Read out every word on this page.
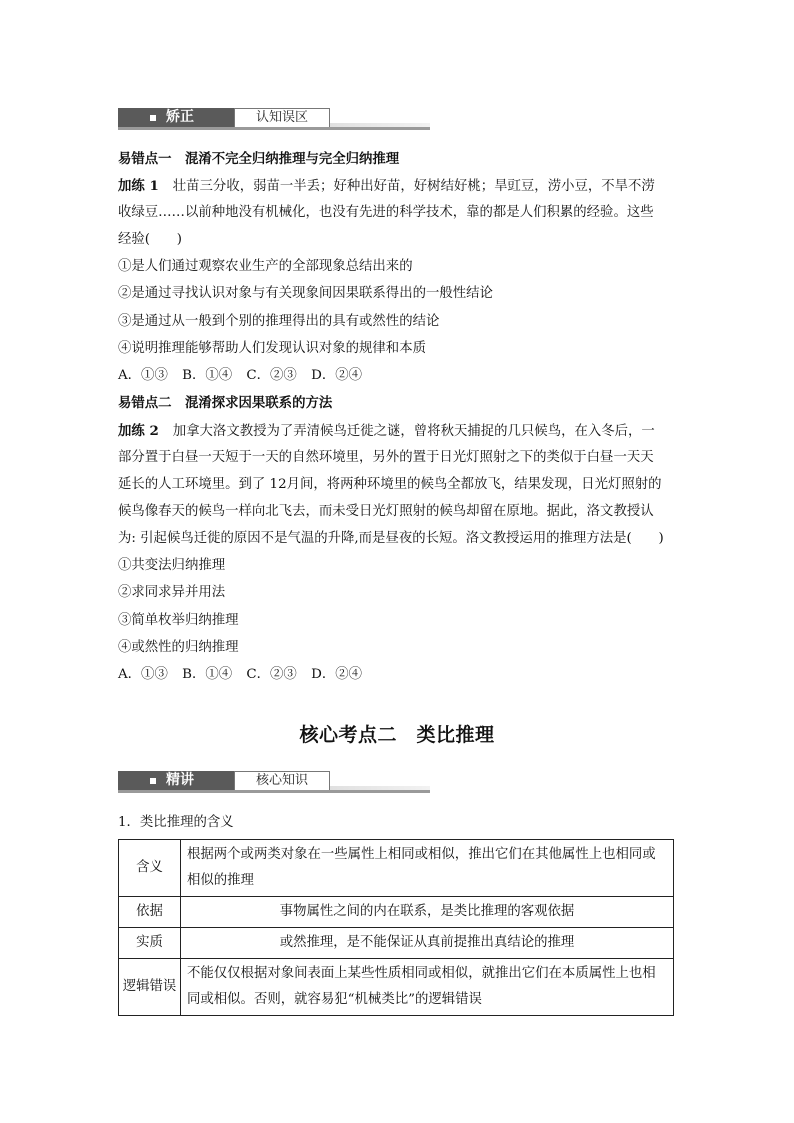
矫正	认知误区
易错点一　混淆不完全归纳推理与完全归纳推理
加练 1 壮苗三分收，弱苗一半丢；好种出好苗，好树结好桃；旱豇豆，涝小豆，不旱不涝
收绿豆……以前种地没有机械化，也没有先进的科学技术，靠的都是人们积累的经验。这些
经验(　　)
①是人们通过观察农业生产的全部现象总结出来的
②是通过寻找认识对象与有关现象间因果联系得出的一般性结论
③是通过从一般到个别的推理得出的具有或然性的结论
④说明推理能够帮助人们发现认识对象的规律和本质
A．①③ B．①④ C．②③ D．②④
易错点二　混淆探求因果联系的方法
加练 2 加拿大洛文教授为了弄清候鸟迁徙之谜，曾将秋天捕捉的几只候鸟，在入冬后，一
部分置于白昼一天短于一天的自然环境里，另外的置于日光灯照射之下的类似于白昼一天天
延长的人工环境里。到了 12月间，将两种环境里的候鸟全都放飞，结果发现，日光灯照射的
候鸟像春天的候鸟一样向北飞去，而未受日光灯照射的候鸟却留在原地。据此，洛文教授认
为: 引起候鸟迁徙的原因不是气温的升降,而是昼夜的长短。洛文教授运用的推理方法是(　　)
①共变法归纳推理
②求同求异并用法
③简单枚举归纳推理
④或然性的归纳推理
A．①③ B．①④ C．②③ D．②④
核心考点二　类比推理
精讲	核心知识
1．类比推理的含义
含义	根据两个或两类对象在一些属性上相同或相似，推出它们在其他属性上也相同或相似的推理
依据	事物属性之间的内在联系，是类比推理的客观依据
实质	或然推理，是不能保证从真前提推出真结论的推理
逻辑错误	不能仅仅根据对象间表面上某些性质相同或相似，就推出它们在本质属性上也相同或相似。否则，就容易犯“机械类比”的逻辑错误
